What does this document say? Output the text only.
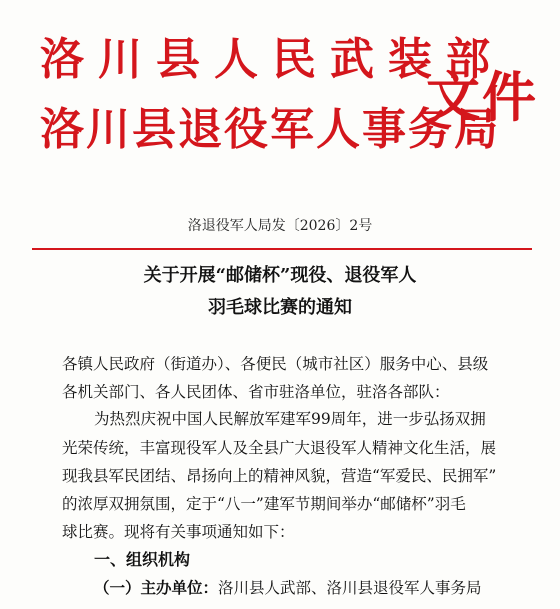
洛川县人民武装部
洛川县退役军人事务局
文件
洛退役军人局发〔2026〕2号
关于开展“邮储杯”现役、退役军人
羽毛球比赛的通知
各镇人民政府（街道办）、各便民（城市社区）服务中心、县级
各机关部门、各人民团体、省市驻洛单位，驻洛各部队：
为热烈庆祝中国人民解放军建军99周年，进一步弘扬双拥
光荣传统，丰富现役军人及全县广大退役军人精神文化生活，展
现我县军民团结、昂扬向上的精神风貌，营造“军爱民、民拥军”
的浓厚双拥氛围，定于“八一”建军节期间举办“邮储杯”羽毛
球比赛。现将有关事项通知如下：
一、组织机构
（一）主办单位：洛川县人武部、洛川县退役军人事务局
